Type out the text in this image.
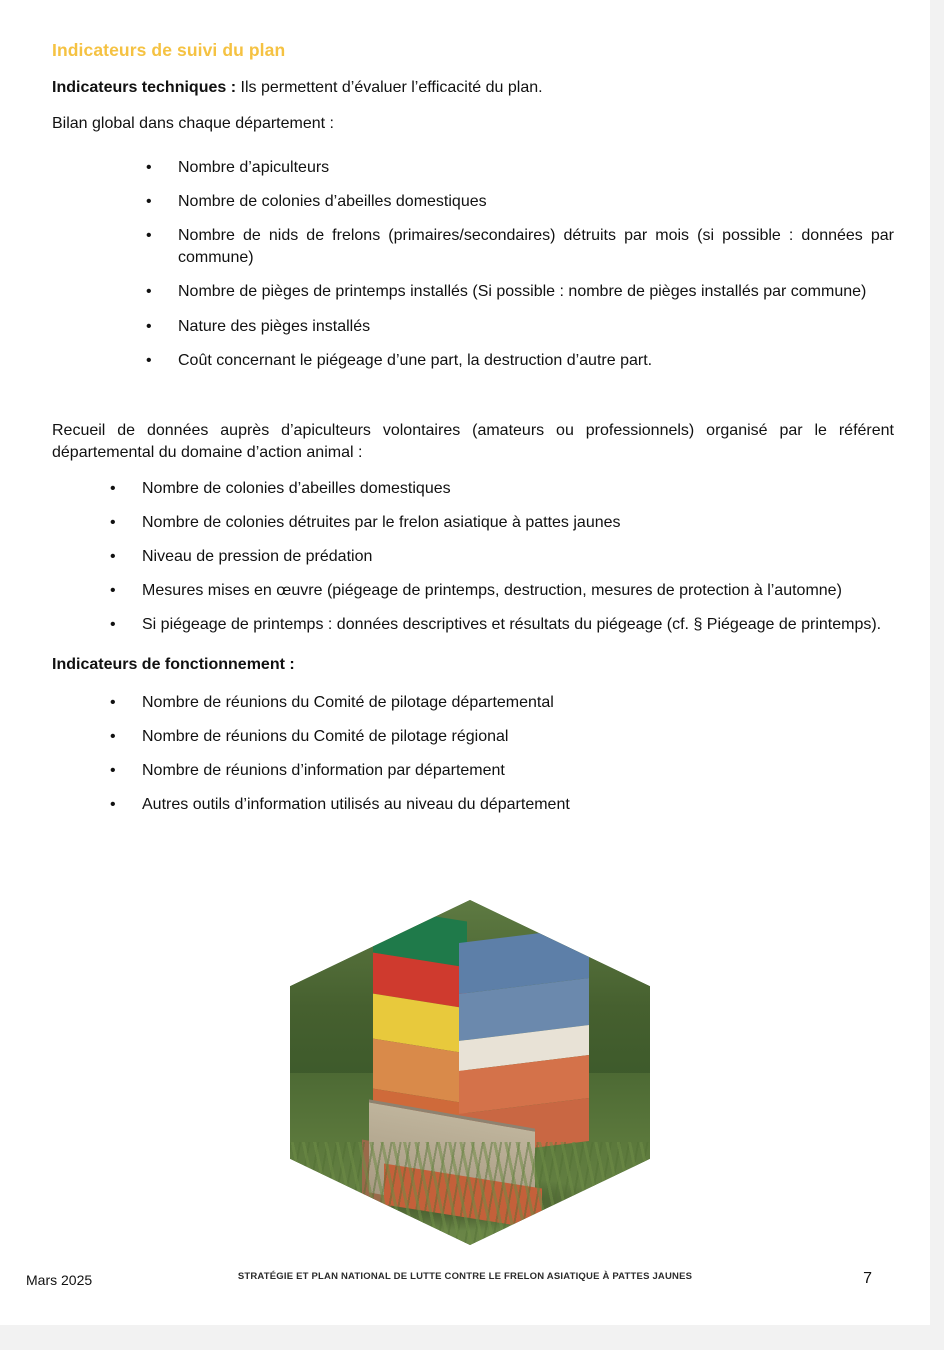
Indicateurs de suivi du plan

Indicateurs techniques : Ils permettent d’évaluer l’efficacité du plan.

Bilan global dans chaque département :

• Nombre d’apiculteurs
• Nombre de colonies d’abeilles domestiques
• Nombre de nids de frelons (primaires/secondaires) détruits par mois (si possible : données par commune)
• Nombre de pièges de printemps installés (Si possible : nombre de pièges installés par commune)
• Nature des pièges installés
• Coût concernant le piégeage d’une part, la destruction d’autre part.

Recueil de données auprès d’apiculteurs volontaires (amateurs ou professionnels) organisé par le référent départemental du domaine d’action animal :

• Nombre de colonies d’abeilles domestiques
• Nombre de colonies détruites par le frelon asiatique à pattes jaunes
• Niveau de pression de prédation
• Mesures mises en œuvre (piégeage de printemps, destruction, mesures de protection à l’automne)
• Si piégeage de printemps : données descriptives et résultats du piégeage (cf. § Piégeage de printemps).

Indicateurs de fonctionnement :

• Nombre de réunions du Comité de pilotage départemental
• Nombre de réunions du Comité de pilotage régional
• Nombre de réunions d’information par département
• Autres outils d’information utilisés au niveau du département
Mars 2025	STRATÉGIE ET PLAN NATIONAL DE LUTTE CONTRE LE FRELON ASIATIQUE À PATTES JAUNES	7
